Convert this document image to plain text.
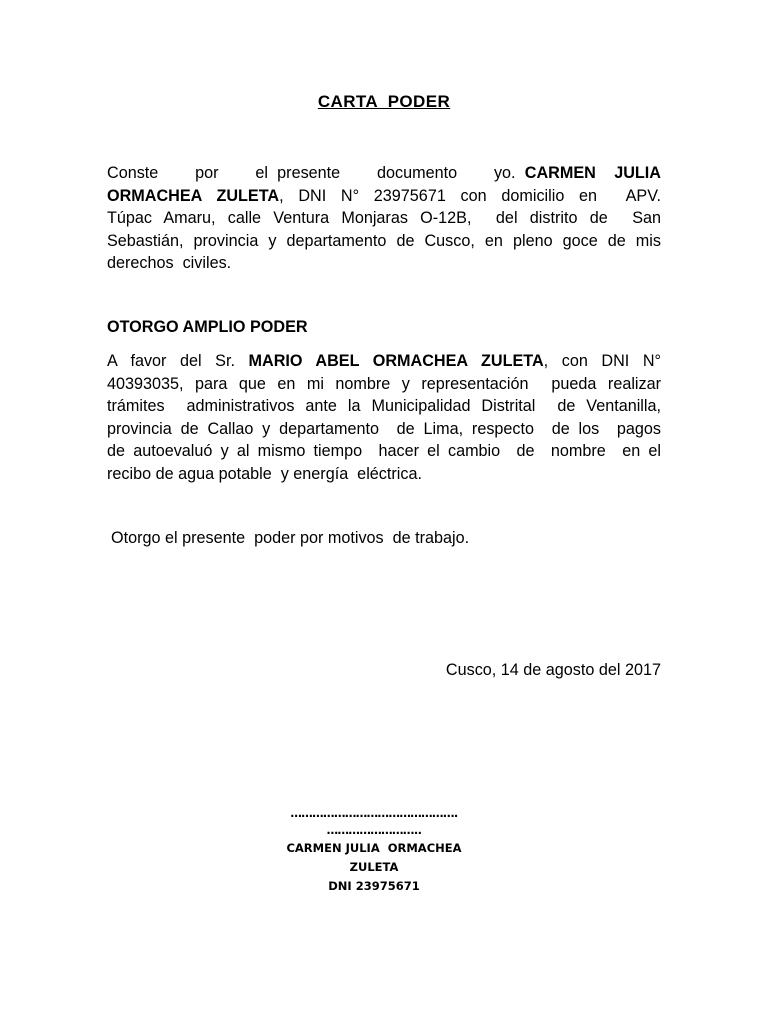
CARTA  PODER
Conste    por    el presente    documento    yo. CARMEN  JULIA
ORMACHEA ZULETA, DNI N° 23975671 con domicilio en  APV.
Túpac Amaru, calle Ventura Monjaras O-12B,  del distrito de  San
Sebastián, provincia y departamento de Cusco, en pleno goce de mis
derechos  civiles.
OTORGO AMPLIO PODER
A favor del Sr. MARIO ABEL ORMACHEA ZULETA, con DNI N°
40393035, para que en mi nombre y representación  pueda realizar
trámites  administrativos ante la Municipalidad Distrital  de Ventanilla,
provincia de Callao y departamento  de Lima, respecto  de los  pagos
de autoevaluó y al mismo tiempo  hacer el cambio  de  nombre  en el
recibo de agua potable  y energía  eléctrica.
Otorgo el presente  poder por motivos  de trabajo.
Cusco, 14 de agosto del 2017
……………………………………….
……………………..
CARMEN JULIA  ORMACHEA
ZULETA
DNI 23975671
